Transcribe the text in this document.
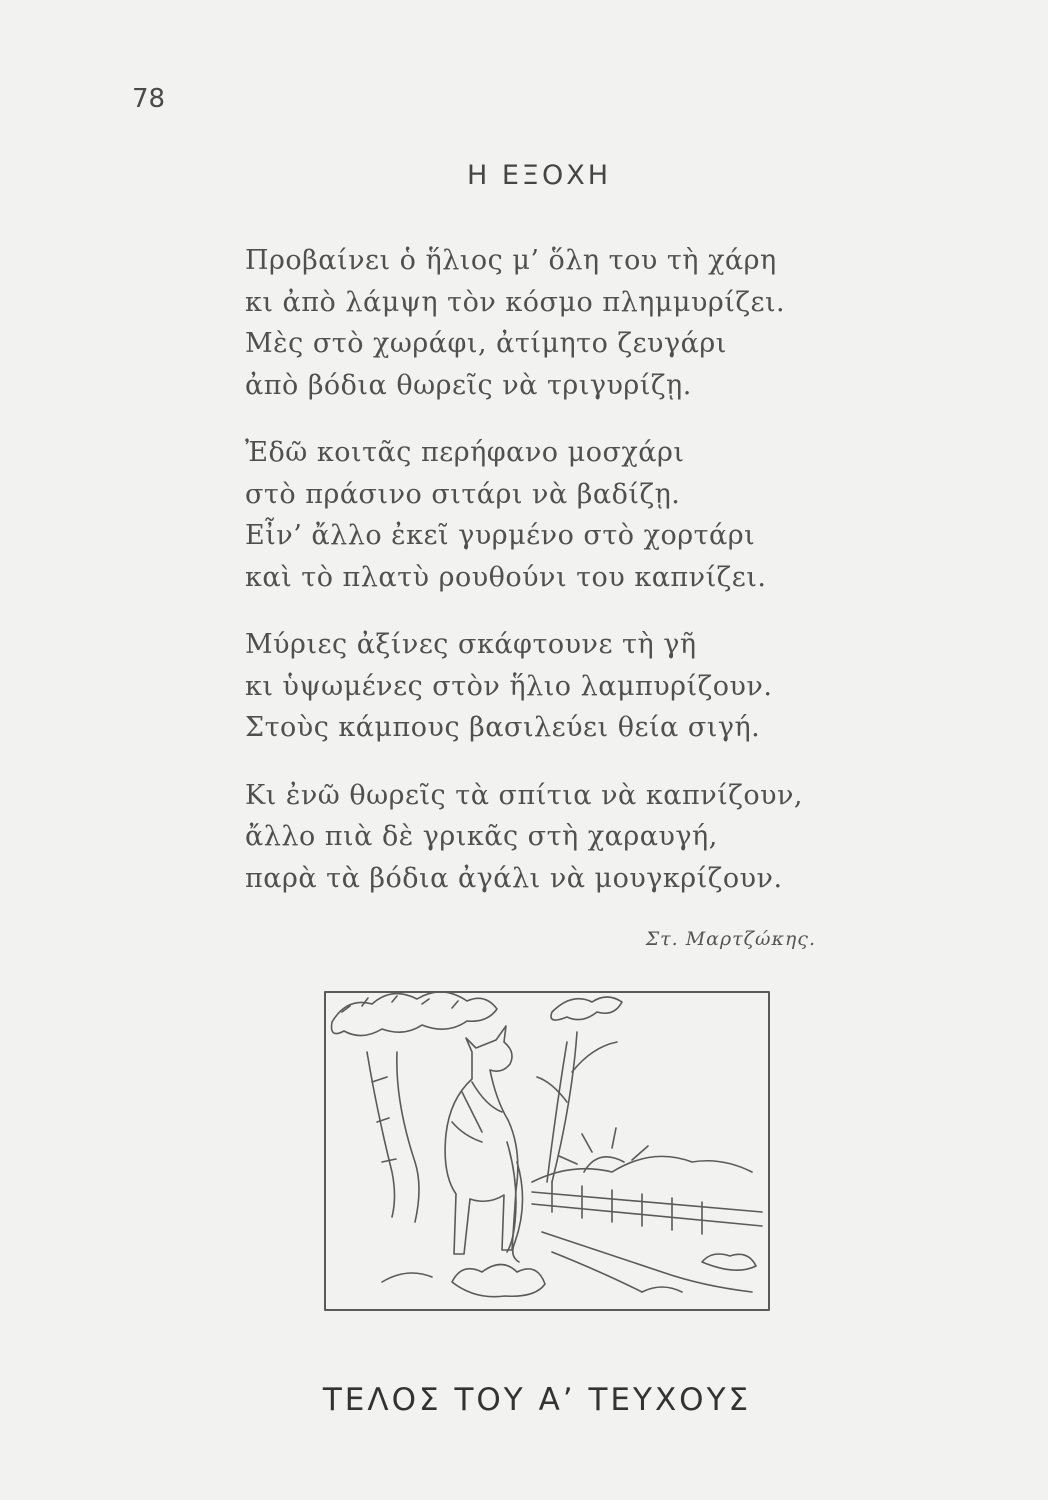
78
Η ΕΞΟΧΗ
Προβαίνει ὁ ἥλιος μ’ ὅλη του τὴ χάρη
κι ἀπὸ λάμψη τὸν κόσμο πλημμυρίζει.
Μὲς στὸ χωράφι, ἀτίμητο ζευγάρι
ἀπὸ βόδια θωρεῖς νὰ τριγυρίζῃ.
Ἐδῶ κοιτᾶς περήφανο μοσχάρι
στὸ πράσινο σιτάρι νὰ βαδίζῃ.
Εἶν’ ἄλλο ἐκεῖ γυρμένο στὸ χορτάρι
καὶ τὸ πλατὺ ρουθούνι του καπνίζει.
Μύριες ἀξίνες σκάφτουνε τὴ γῆ
κι ὑψωμένες στὸν ἥλιο λαμπυρίζουν.
Στοὺς κάμπους βασιλεύει θεία σιγή.
Κι ἐνῶ θωρεῖς τὰ σπίτια νὰ καπνίζουν,
ἄλλο πιὰ δὲ γρικᾶς στὴ χαραυγή,
παρὰ τὰ βόδια ἀγάλι νὰ μουγκρίζουν.
Στ. Μαρτζώκης.
ΤΕΛΟΣ ΤΟΥ Α’ ΤΕΥΧΟΥΣ
